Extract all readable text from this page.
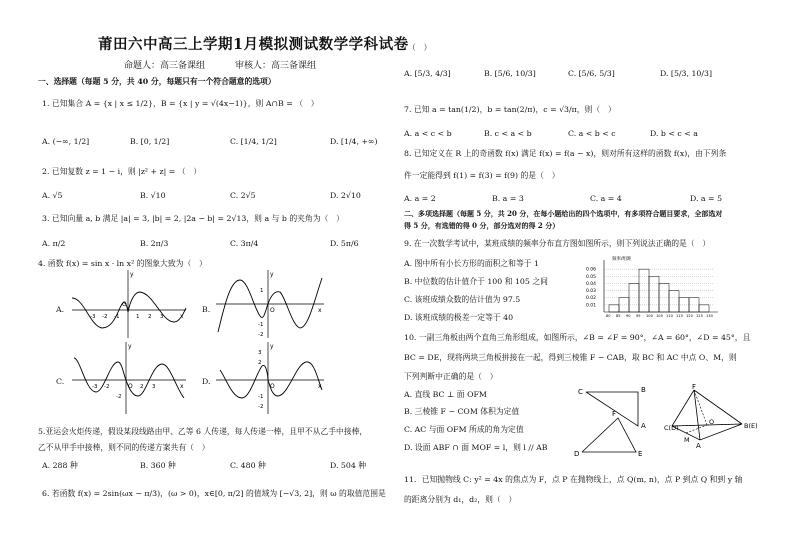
莆田六中高三上学期1月模拟测试数学学科试卷
命题人：高三备课组	审核人：高三备课组
一、选择题（每题 5 分，共 40 分，每题只有一个符合题意的选项）
1. 已知集合 A = {x | x ≤ 1/2}，B = {x | y = √(4x−1)}，则 A∩B = （　）
A. (−∞, 1/2]	B. [0, 1/2]	C. [1/4, 1/2]	D. [1/4, +∞)
2. 已知复数 z = 1 − i，则 |z² + z| = （　）
A. √5	B. √10	C. 2√5	D. 2√10
3. 已知向量 a, b 满足 |a| = 3, |b| = 2, |2a − b| = 2√13，则 a 与 b 的夹角为（　）
A. π/2	B. 2π/3	C. 3π/4	D. 5π/6
4. 函数 f(x) = sin x · ln x² 的图象大致为（　）
A.	B.
C.	D.
y
x
O
-3 -2 -1	1 2 3
y
x
O
1
-1
-2
y
x
O
-3 -2	2 3
-2
y
x
O
3
2
-1
-2
5.亚运会火炬传递，假设某段线路由甲、乙等 6 人传递，每人传递一棒，且甲不从乙手中接棒，
乙不从甲手中接棒，则不同的传递方案共有（　）
A. 288 种	B. 360 种	C. 480 种	D. 504 种
6. 若函数 f(x) = 2sin(ωx − π/3)，(ω > 0)，x∈[0, π/2] 的值域为 [−√3, 2]，则 ω 的取值范围是
（　）
A. [5/3, 4/3]	B. [5/6, 10/3]	C. [5/6, 5/3]	D. [5/3, 10/3]
7. 已知 a = tan(1/2)，b = tan(2/π)，c = √3/π，则（　）
A. a < c < b	B. c < a < b	C. a < b < c	D. b < c < a
8. 已知定义在 R 上的奇函数 f(x) 满足 f(x) = f(a − x)，则对所有这样的函数 f(x)，由下列条
件一定能得到 f(1) = f(3) = f(9) 的是（　）
A. a = 2	B. a = 3	C. a = 4	D. a = 5
二、多项选择题（每题 5 分，共 20 分，在每小题给出的四个选项中，有多项符合题目要求，全部选对
得 5 分，有选错的得 0 分，部分选对的得 2 分）
9. 在一次数学考试中，某班成绩的频率分布直方图如图所示，则下列说法正确的是（　）
A. 图中所有小长方形的面积之和等于 1
B. 中位数的估计值介于 100 和 105 之间
C. 该班成绩众数的估计值为 97.5
D. 该班成绩的极差一定等于 40
频率/组距
0.06
0.05
0.04
0.03
0.02
0.01
80 85 90 95 100 105 110 115 120 125 130
10. 一副三角板由两个直角三角形组成，如图所示，∠B = ∠F = 90°，∠A = 60°，∠D = 45°，且
BC = DE，现将两块三角板拼接在一起，得到三棱锥 F − CAB，取 BC 和 AC 中点 O、M，则
下列判断中正确的是（　）
A. 直线 BC ⊥ 面 OFM
B. 三棱锥 F − COM 体积为定值
C. AC 与面 OFM 所成的角为定值
D. 设面 ABF ∩ 面 MOF = l，则 l // AB
C	B
A
D	E
F
F
A
C(D)
O
M
B(E)
11．已知抛物线 C: y² = 4x 的焦点为 F，点 P 在抛物线上，点 Q(m, n)，点 P 到点 Q 和到 y 轴
的距离分别为 d₁，d₂，则（　）
